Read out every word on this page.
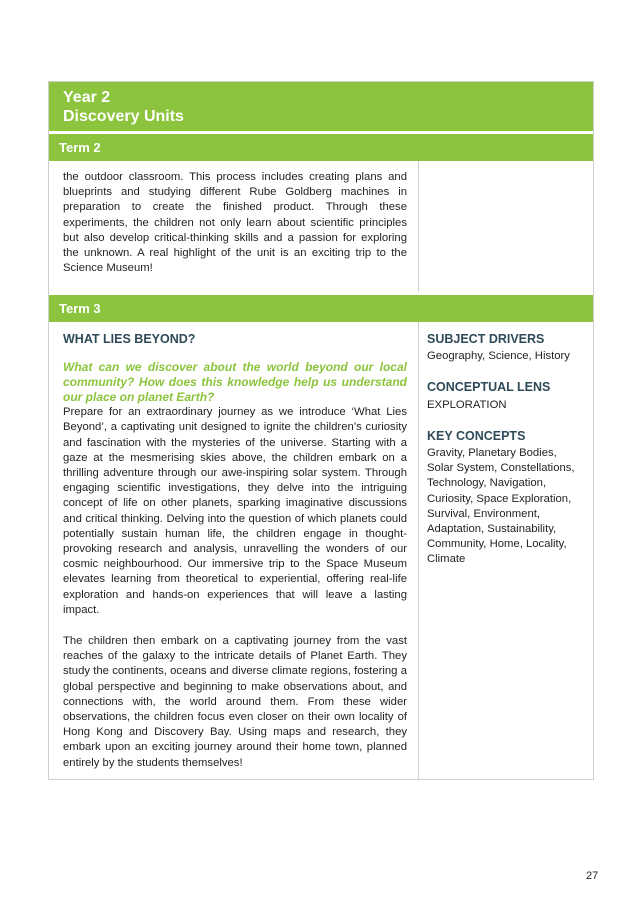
Year 2
Discovery Units
Term 2

the outdoor classroom. This process includes creating plans and blueprints and studying different Rube Goldberg machines in preparation to create the finished product. Through these experiments, the children not only learn about scientific principles but also develop critical-thinking skills and a passion for exploring the unknown. A real highlight of the unit is an exciting trip to the Science Museum!

Term 3

WHAT LIES BEYOND?

What can we discover about the world beyond our local community? How does this knowledge help us understand our place on planet Earth?

Prepare for an extraordinary journey as we introduce ‘What Lies Beyond’, a captivating unit designed to ignite the children’s curiosity and fascination with the mysteries of the universe. Starting with a gaze at the mesmerising skies above, the children embark on a thrilling adventure through our awe-inspiring solar system. Through engaging scientific investigations, they delve into the intriguing concept of life on other planets, sparking imaginative discussions and critical thinking. Delving into the question of which planets could potentially sustain human life, the children engage in thought-provoking research and analysis, unravelling the wonders of our cosmic neighbourhood. Our immersive trip to the Space Museum elevates learning from theoretical to experiential, offering real-life exploration and hands-on experiences that will leave a lasting impact.

The children then embark on a captivating journey from the vast reaches of the galaxy to the intricate details of Planet Earth. They study the continents, oceans and diverse climate regions, fostering a global perspective and beginning to make observations about, and connections with, the world around them. From these wider observations, the children focus even closer on their own locality of Hong Kong and Discovery Bay. Using maps and research, they embark upon an exciting journey around their home town, planned entirely by the students themselves!

SUBJECT DRIVERS

Geography, Science, History

CONCEPTUAL LENS

EXPLORATION

KEY CONCEPTS

Gravity, Planetary Bodies, Solar System, Constellations, Technology, Navigation, Curiosity, Space Exploration, Survival, Environment, Adaptation, Sustainability, Community, Home, Locality, Climate

27
